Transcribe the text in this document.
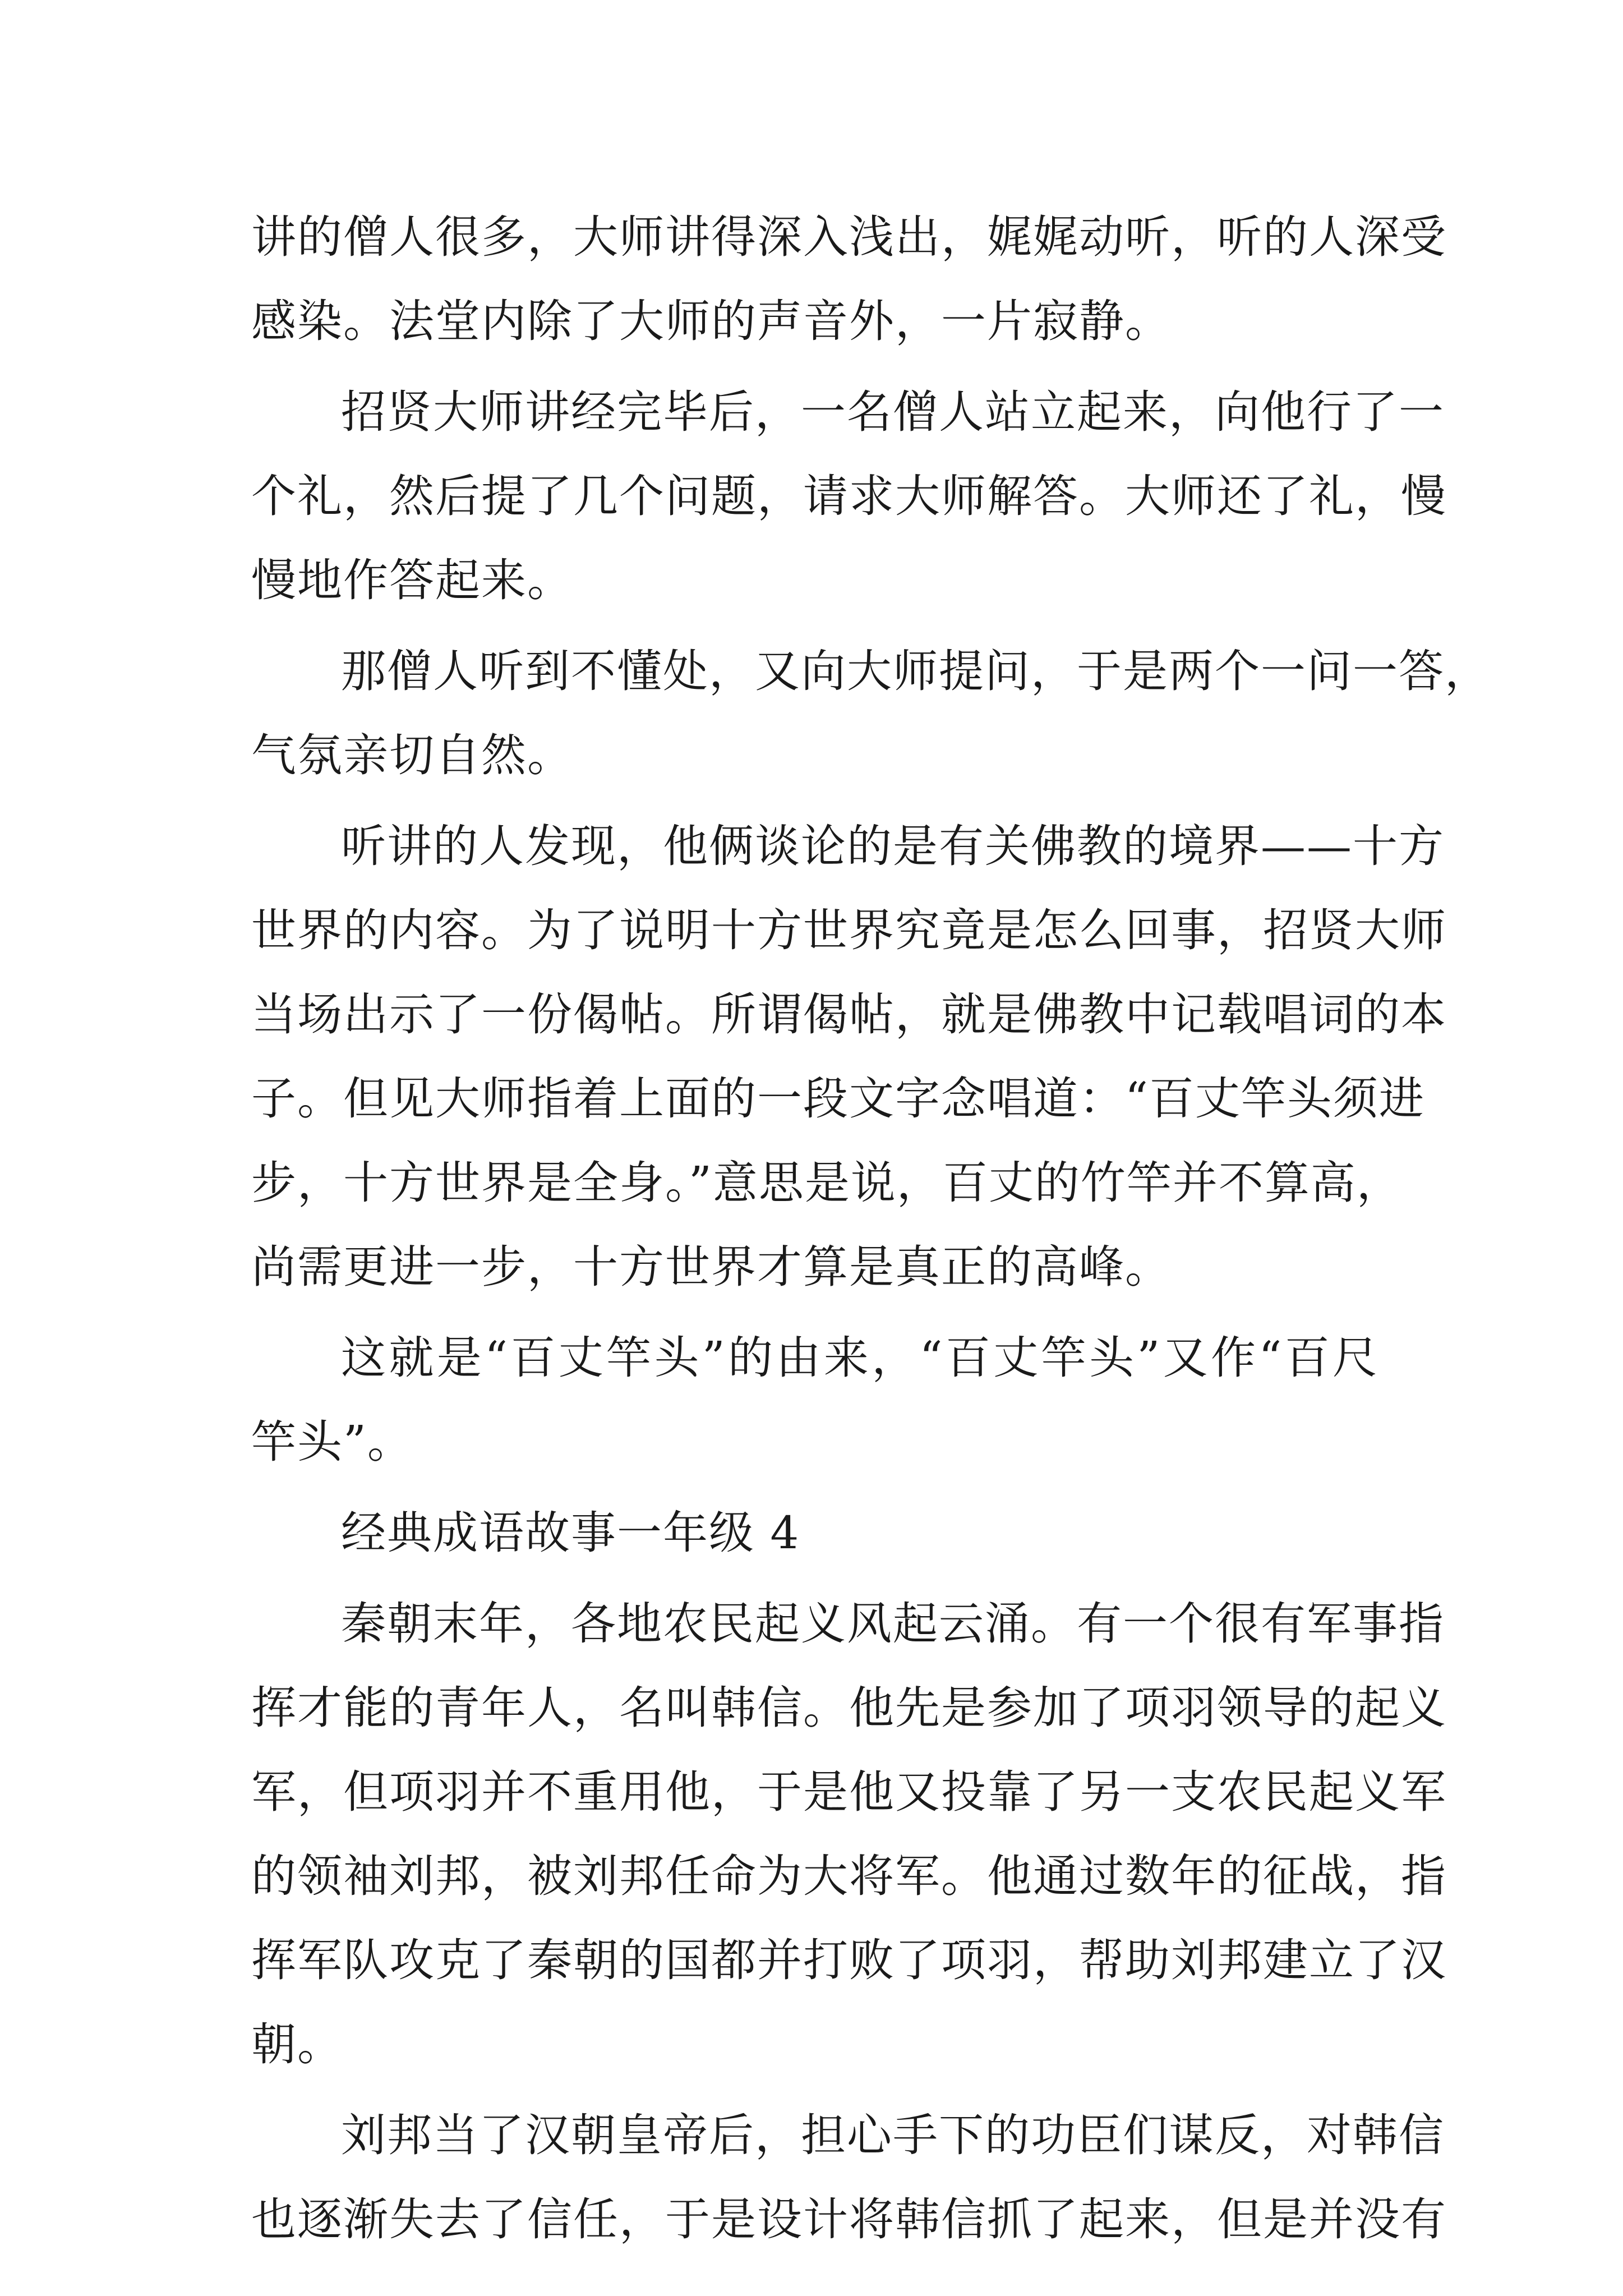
讲的僧人很多，大师讲得深入浅出，娓娓动听，听的人深受
感染。法堂内除了大师的声音外，一片寂静。
招贤大师讲经完毕后，一名僧人站立起来，向他行了一
个礼，然后提了几个问题，请求大师解答。大师还了礼，慢
慢地作答起来。
那僧人听到不懂处，又向大师提问，于是两个一问一答，
气氛亲切自然。
听讲的人发现，他俩谈论的是有关佛教的境界——十方
世界的内容。为了说明十方世界究竟是怎么回事，招贤大师
当场出示了一份偈帖。所谓偈帖，就是佛教中记载唱词的本
子。但见大师指着上面的一段文字念唱道：“百丈竿头须进
步，十方世界是全身。”意思是说，百丈的竹竿并不算高，
尚需更进一步，十方世界才算是真正的高峰。
这就是“百丈竿头”的由来，“百丈竿头”又作“百尺
竿头”。
经典成语故事一年级 4
秦朝末年，各地农民起义风起云涌。有一个很有军事指
挥才能的青年人，名叫韩信。他先是参加了项羽领导的起义
军，但项羽并不重用他，于是他又投靠了另一支农民起义军
的领袖刘邦，被刘邦任命为大将军。他通过数年的征战，指
挥军队攻克了秦朝的国都并打败了项羽，帮助刘邦建立了汉
朝。
刘邦当了汉朝皇帝后，担心手下的功臣们谋反，对韩信
也逐渐失去了信任，于是设计将韩信抓了起来，但是并没有
